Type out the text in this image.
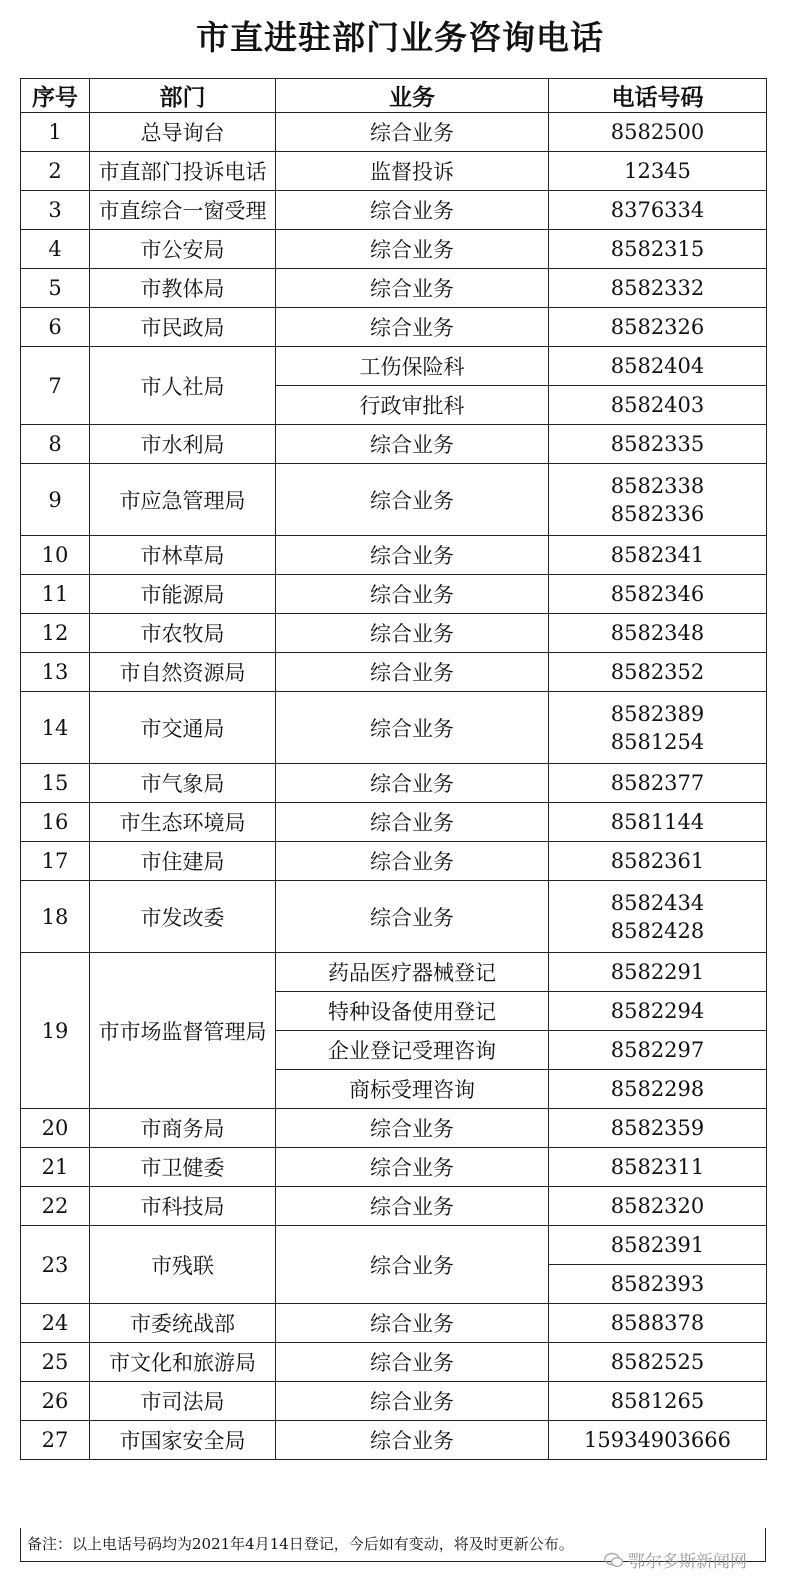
市直进驻部门业务咨询电话
序号	部门	业务	电话号码
1	总导询台	综合业务	8582500

2	市直部门投诉电话	监督投诉	12345

3	市直综合一窗受理	综合业务	8376334

4	市公安局	综合业务	8582315

5	市教体局	综合业务	8582332

6	市民政局	综合业务	8582326

7	市人社局	工伤保险科	8582404

		行政审批科	8582403

8	市水利局	综合业务	8582335

9	市应急管理局	综合业务	8582338
8582336

10	市林草局	综合业务	8582341

11	市能源局	综合业务	8582346

12	市农牧局	综合业务	8582348

13	市自然资源局	综合业务	8582352

14	市交通局	综合业务	8582389
8581254

15	市气象局	综合业务	8582377

16	市生态环境局	综合业务	8581144

17	市住建局	综合业务	8582361

18	市发改委	综合业务	8582434
8582428

19	市市场监督管理局	药品医疗器械登记	8582291

		特种设备使用登记	8582294

		企业登记受理咨询	8582297

		商标受理咨询	8582298

20	市商务局	综合业务	8582359

21	市卫健委	综合业务	8582311

22	市科技局	综合业务	8582320

23	市残联	综合业务	8582391
			8582393
24	市委统战部	综合业务	8588378

25	市文化和旅游局	综合业务	8582525

26	市司法局	综合业务	8581265

27	市国家安全局	综合业务	15934903666
备注：以上电话号码均为2021年4月14日登记，今后如有变动，将及时更新公布。
鄂尔多斯新闻网
